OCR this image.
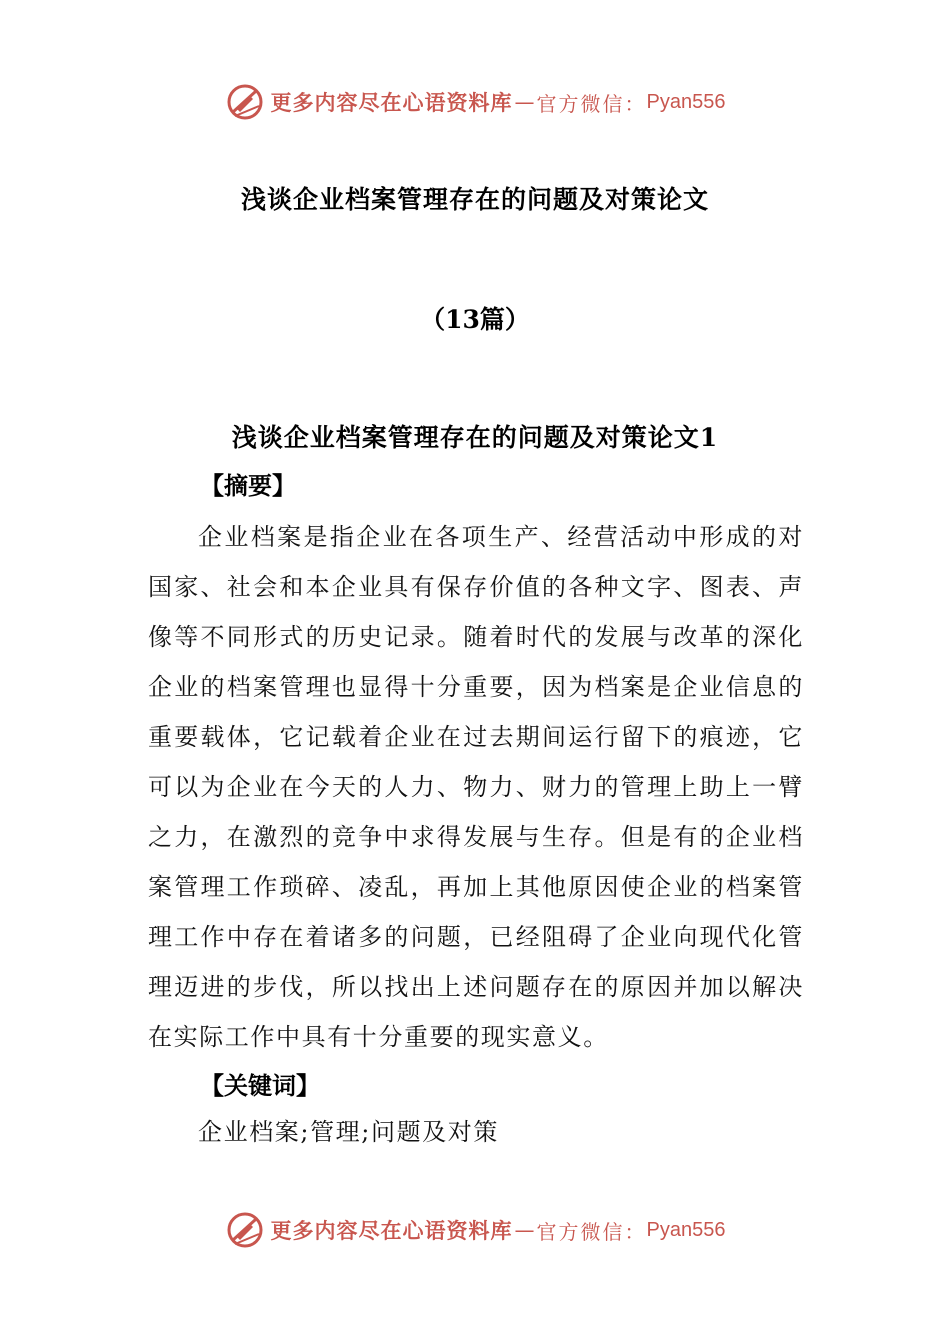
更多内容尽在心语资料库 — 官方微信： Pyan556
浅谈企业档案管理存在的问题及对策论文
（13篇）
浅谈企业档案管理存在的问题及对策论文1
【摘要】
企业档案是指企业在各项生产、经营活动中形成的对国家、社会和本企业具有保存价值的各种文字、图表、声像等不同形式的历史记录。随着时代的发展与改革的深化企业的档案管理也显得十分重要，因为档案是企业信息的重要载体，它记载着企业在过去期间运行留下的痕迹，它可以为企业在今天的人力、物力、财力的管理上助上一臂之力，在激烈的竞争中求得发展与生存。但是有的企业档案管理工作琐碎、凌乱，再加上其他原因使企业的档案管理工作中存在着诸多的问题，已经阻碍了企业向现代化管理迈进的步伐，所以找出上述问题存在的原因并加以解决在实际工作中具有十分重要的现实意义。
【关键词】
企业档案;管理;问题及对策
更多内容尽在心语资料库 — 官方微信： Pyan556
